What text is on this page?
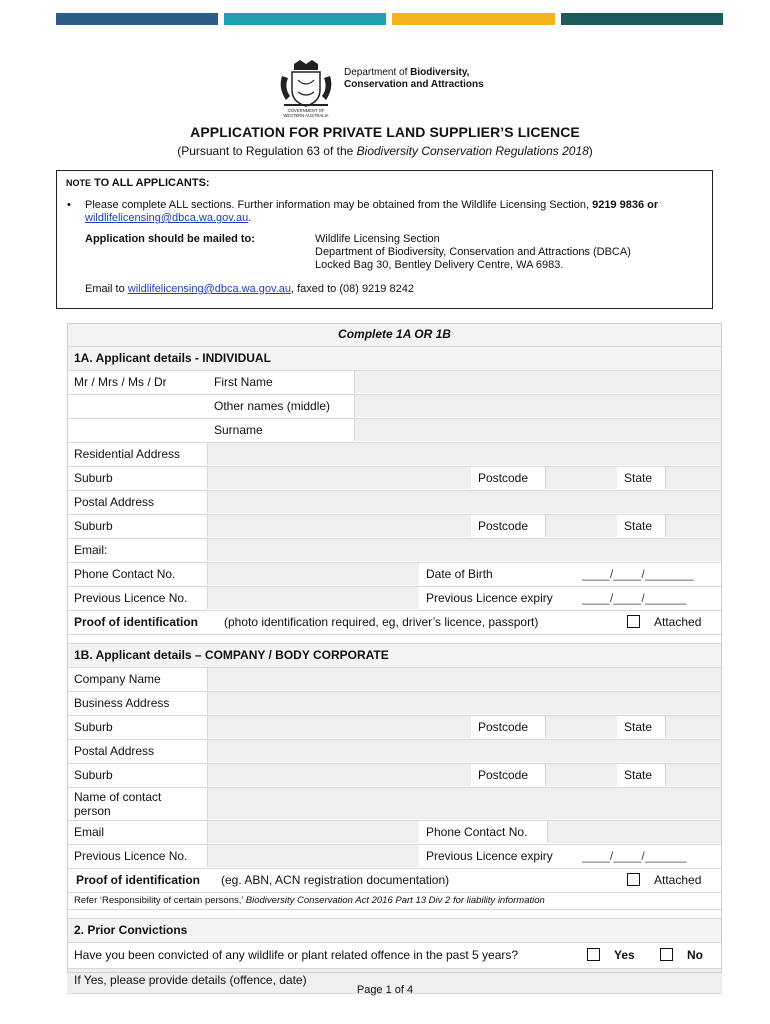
GOVERNMENT OF
WESTERN AUSTRALIA
Department of Biodiversity,
Conservation and Attractions
APPLICATION FOR PRIVATE LAND SUPPLIER’S LICENCE
(Pursuant to Regulation 63 of the Biodiversity Conservation Regulations 2018)
NOTE TO ALL APPLICANTS:
• Please complete ALL sections. Further information may be obtained from the Wildlife Licensing Section, 9219 9836 or
wildlifelicensing@dbca.wa.gov.au.
Application should be mailed to:	Wildlife Licensing Section
Department of Biodiversity, Conservation and Attractions (DBCA)
Locked Bag 30, Bentley Delivery Centre, WA 6983.
Email to wildlifelicensing@dbca.wa.gov.au, faxed to (08) 9219 8242
Complete 1A OR 1B
1A. Applicant details - INDIVIDUAL
Mr / Mrs / Ms / Dr	First Name
Other names (middle)
Surname
Residential Address
Suburb	Postcode	State
Postal Address
Suburb	Postcode	State
Email:
Phone Contact No.	Date of Birth	____/____/_______
Previous Licence No.	Previous Licence expiry	____/____/______
Proof of identification	(photo identification required, eg, driver’s licence, passport)	Attached
1B. Applicant details – COMPANY / BODY CORPORATE
Company Name
Business Address
Suburb	Postcode	State
Postal Address
Suburb	Postcode	State
Name of contact
person
Email	Phone Contact No.
Previous Licence No.	Previous Licence expiry	____/____/______
Proof of identification	(eg. ABN, ACN registration documentation)	Attached
Refer ‘Responsibility of certain persons,’ Biodiversity Conservation Act 2016 Part 13 Div 2 for liability information
2. Prior Convictions
Have you been convicted of any wildlife or plant related offence in the past 5 years?	Yes	No
If Yes, please provide details (offence, date)
Page 1 of 4
